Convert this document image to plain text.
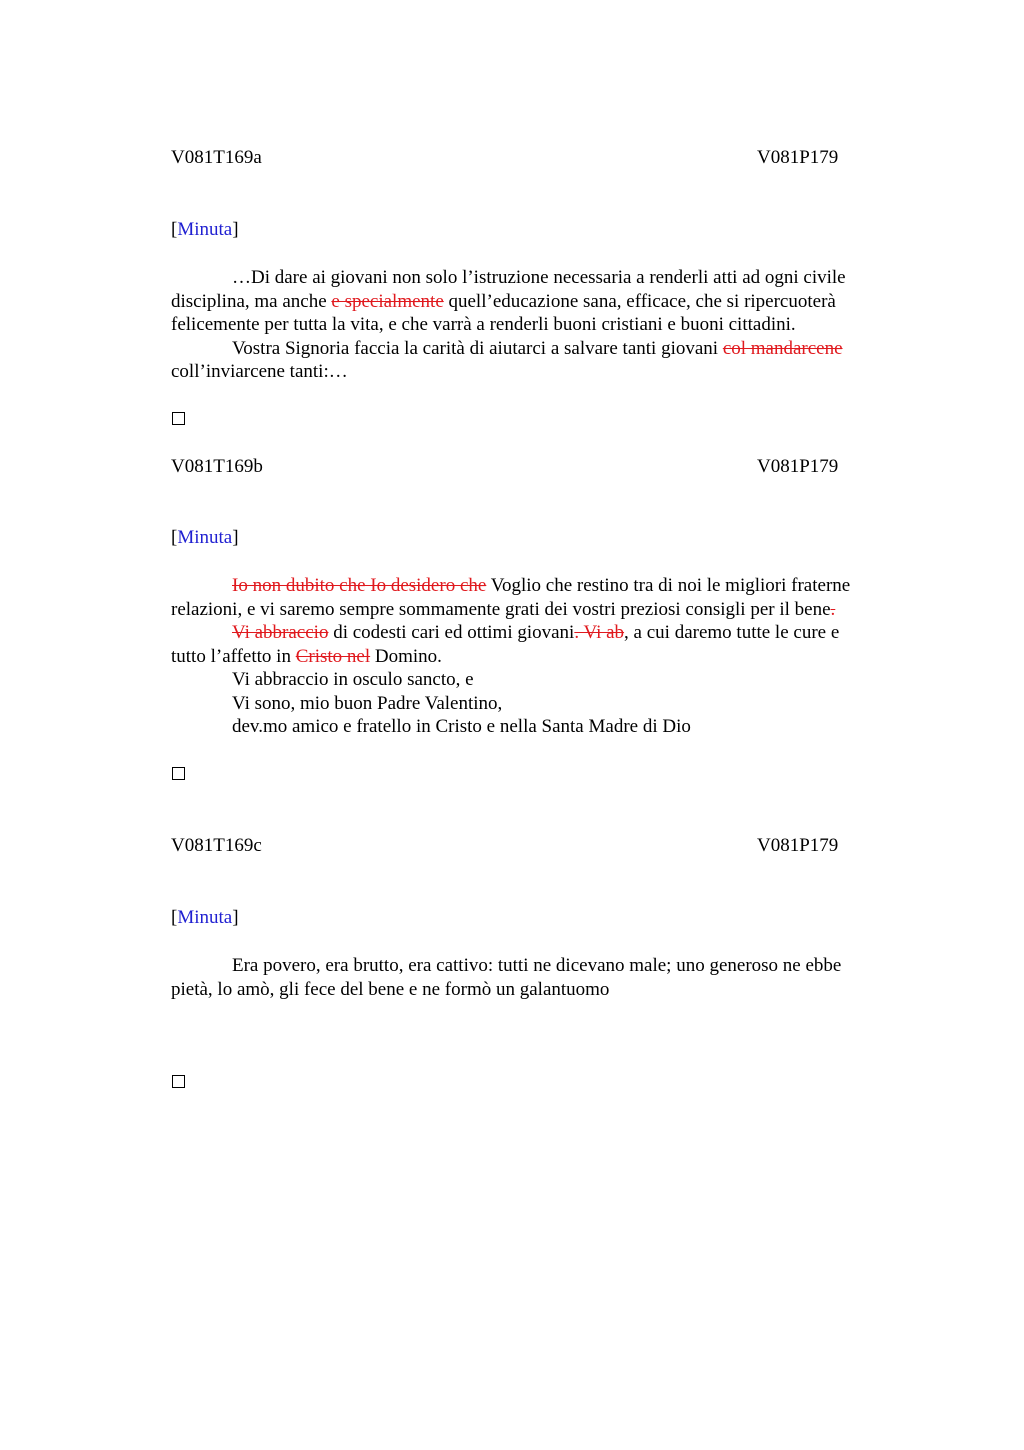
V081T169a	V081P179
[Minuta]
…Di dare ai giovani non solo l’istruzione necessaria a renderli atti ad ogni civile
disciplina, ma anche e specialmente quell’educazione sana, efficace, che si ripercuoterà
felicemente per tutta la vita, e che varrà a renderli buoni cristiani e buoni cittadini.
Vostra Signoria faccia la carità di aiutarci a salvare tanti giovani col mandarcene
coll’inviarcene tanti:…
V081T169b	V081P179
[Minuta]
Io non dubito che Io desidero che Voglio che restino tra di noi le migliori fraterne
relazioni, e vi saremo sempre sommamente grati dei vostri preziosi consigli per il bene.
Vi abbraccio di codesti cari ed ottimi giovani. Vi ab, a cui daremo tutte le cure e
tutto l’affetto in Cristo nel Domino.
Vi abbraccio in osculo sancto, e
Vi sono, mio buon Padre Valentino,
dev.mo amico e fratello in Cristo e nella Santa Madre di Dio
V081T169c	V081P179
[Minuta]
Era povero, era brutto, era cattivo: tutti ne dicevano male; uno generoso ne ebbe
pietà, lo amò, gli fece del bene e ne formò un galantuomo
